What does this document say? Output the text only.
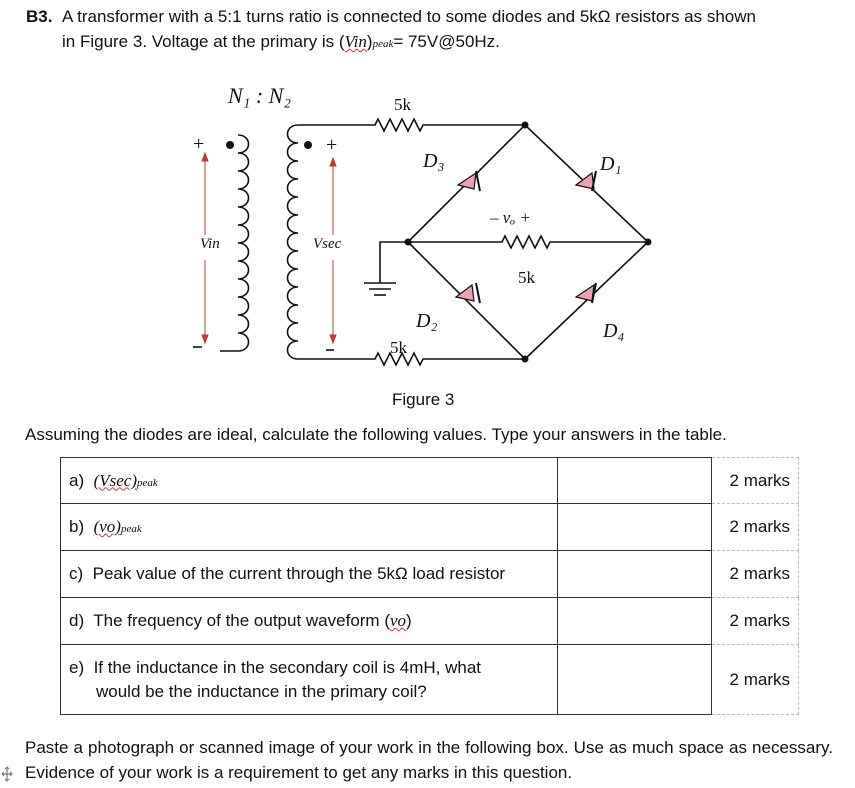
B3. A transformer with a 5:1 turns ratio is connected to some diodes and 5kΩ resistors as shown
in Figure 3. Voltage at the primary is (Vin)peak= 75V@50Hz.
N₁ : N₂	5k
5k
5k
D₁
D₃
D₂	D₄
– vₒ +
Vin	Vsec
+	+
Figure 3
Assuming the diodes are ideal, calculate the following values. Type your answers in the table.
a) (Vsec)peak		2 marks
b) (vo)peak		2 marks
c) Peak value of the current through the 5kΩ load resistor		2 marks
d) The frequency of the output waveform (vo)		2 marks
e) If the inductance in the secondary coil is 4mH, what
would be the inductance in the primary coil?		2 marks
Paste a photograph or scanned image of your work in the following box. Use as much space as necessary. Evidence of your work is a requirement to get any marks in this question.
